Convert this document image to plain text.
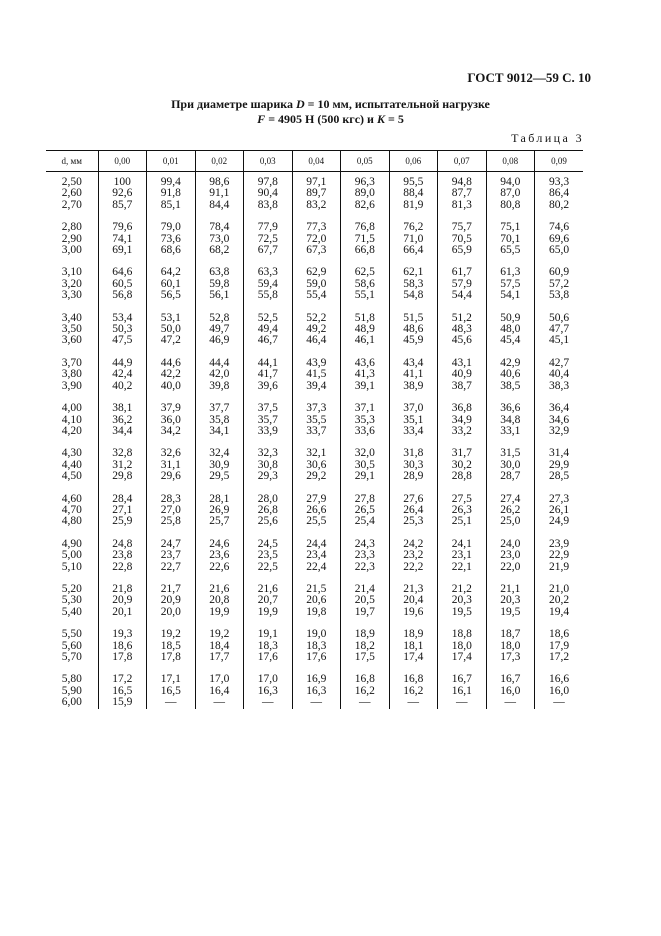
ГОСТ 9012—59 С. 10
При диаметре шарика D = 10 мм, испытательной нагрузке
F = 4905 Н (500 кгс) и K = 5
Таблица 3
d, мм	0,00	0,01	0,02	0,03	0,04	0,05	0,06	0,07	0,08	0,09
2,50	100	99,4	98,6	97,8	97,1	96,3	95,5	94,8	94,0	93,3
2,60	92,6	91,8	91,1	90,4	89,7	89,0	88,4	87,7	87,0	86,4
2,70	85,7	85,1	84,4	83,8	83,2	82,6	81,9	81,3	80,8	80,2
2,80	79,6	79,0	78,4	77,9	77,3	76,8	76,2	75,7	75,1	74,6
2,90	74,1	73,6	73,0	72,5	72,0	71,5	71,0	70,5	70,1	69,6
3,00	69,1	68,6	68,2	67,7	67,3	66,8	66,4	65,9	65,5	65,0
3,10	64,6	64,2	63,8	63,3	62,9	62,5	62,1	61,7	61,3	60,9
3,20	60,5	60,1	59,8	59,4	59,0	58,6	58,3	57,9	57,5	57,2
3,30	56,8	56,5	56,1	55,8	55,4	55,1	54,8	54,4	54,1	53,8
3,40	53,4	53,1	52,8	52,5	52,2	51,8	51,5	51,2	50,9	50,6
3,50	50,3	50,0	49,7	49,4	49,2	48,9	48,6	48,3	48,0	47,7
3,60	47,5	47,2	46,9	46,7	46,4	46,1	45,9	45,6	45,4	45,1
3,70	44,9	44,6	44,4	44,1	43,9	43,6	43,4	43,1	42,9	42,7
3,80	42,4	42,2	42,0	41,7	41,5	41,3	41,1	40,9	40,6	40,4
3,90	40,2	40,0	39,8	39,6	39,4	39,1	38,9	38,7	38,5	38,3
4,00	38,1	37,9	37,7	37,5	37,3	37,1	37,0	36,8	36,6	36,4
4,10	36,2	36,0	35,8	35,7	35,5	35,3	35,1	34,9	34,8	34,6
4,20	34,4	34,2	34,1	33,9	33,7	33,6	33,4	33,2	33,1	32,9
4,30	32,8	32,6	32,4	32,3	32,1	32,0	31,8	31,7	31,5	31,4
4,40	31,2	31,1	30,9	30,8	30,6	30,5	30,3	30,2	30,0	29,9
4,50	29,8	29,6	29,5	29,3	29,2	29,1	28,9	28,8	28,7	28,5
4,60	28,4	28,3	28,1	28,0	27,9	27,8	27,6	27,5	27,4	27,3
4,70	27,1	27,0	26,9	26,8	26,6	26,5	26,4	26,3	26,2	26,1
4,80	25,9	25,8	25,7	25,6	25,5	25,4	25,3	25,1	25,0	24,9
4,90	24,8	24,7	24,6	24,5	24,4	24,3	24,2	24,1	24,0	23,9
5,00	23,8	23,7	23,6	23,5	23,4	23,3	23,2	23,1	23,0	22,9
5,10	22,8	22,7	22,6	22,5	22,4	22,3	22,2	22,1	22,0	21,9
5,20	21,8	21,7	21,6	21,6	21,5	21,4	21,3	21,2	21,1	21,0
5,30	20,9	20,9	20,8	20,7	20,6	20,5	20,4	20,3	20,3	20,2
5,40	20,1	20,0	19,9	19,9	19,8	19,7	19,6	19,5	19,5	19,4
5,50	19,3	19,2	19,2	19,1	19,0	18,9	18,9	18,8	18,7	18,6
5,60	18,6	18,5	18,4	18,3	18,3	18,2	18,1	18,0	18,0	17,9
5,70	17,8	17,8	17,7	17,6	17,6	17,5	17,4	17,4	17,3	17,2
5,80	17,2	17,1	17,0	17,0	16,9	16,8	16,8	16,7	16,7	16,6
5,90	16,5	16,5	16,4	16,3	16,3	16,2	16,2	16,1	16,0	16,0
6,00	15,9	—	—	—	—	—	—	—	—	—
